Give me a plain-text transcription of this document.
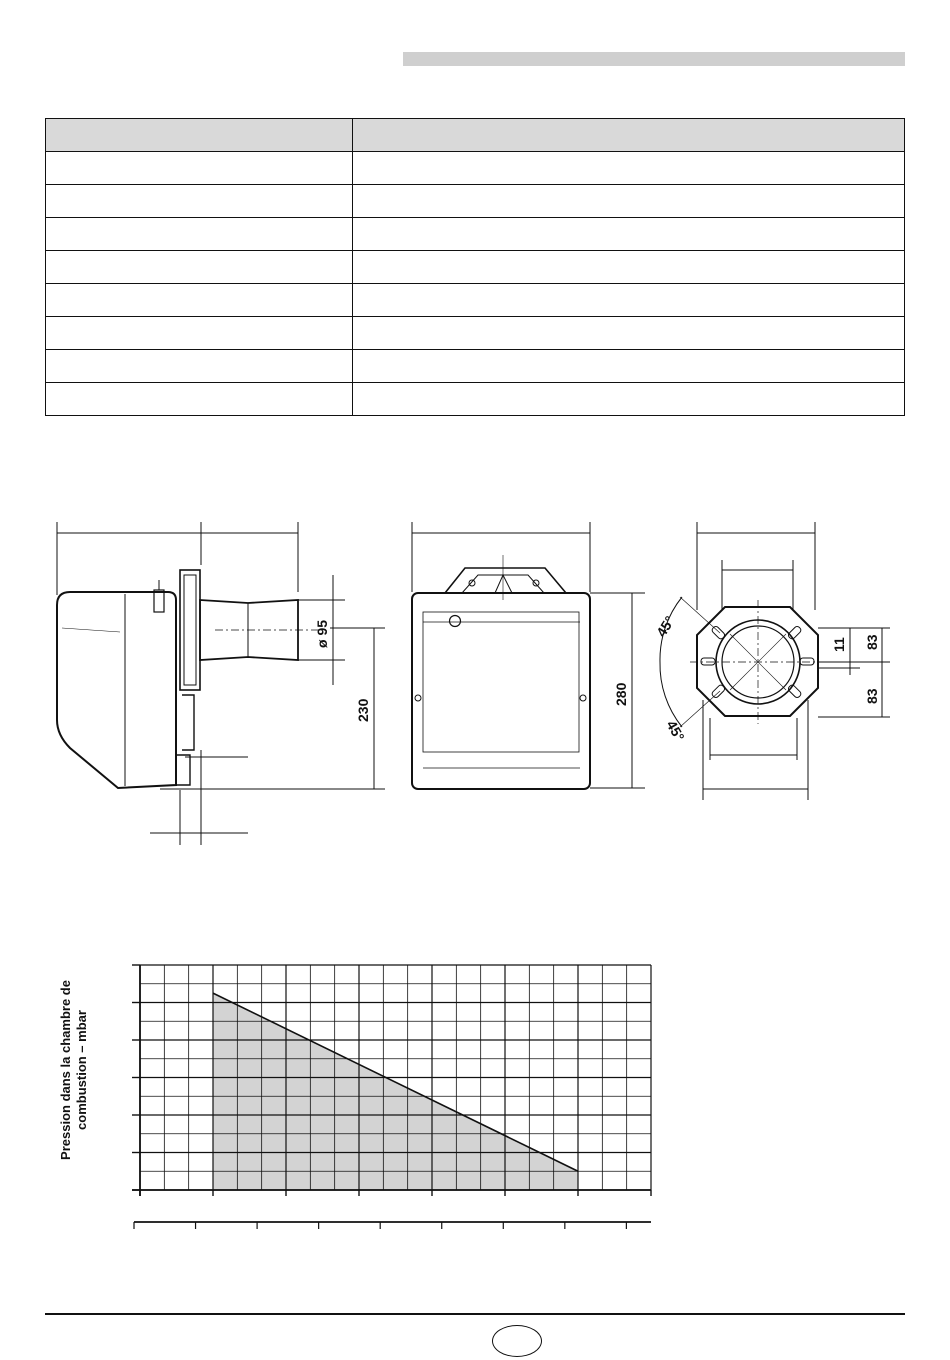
ø 95
230
280
11 83
83
45°
45°
Pression dans la chambre de combustion – mbar
